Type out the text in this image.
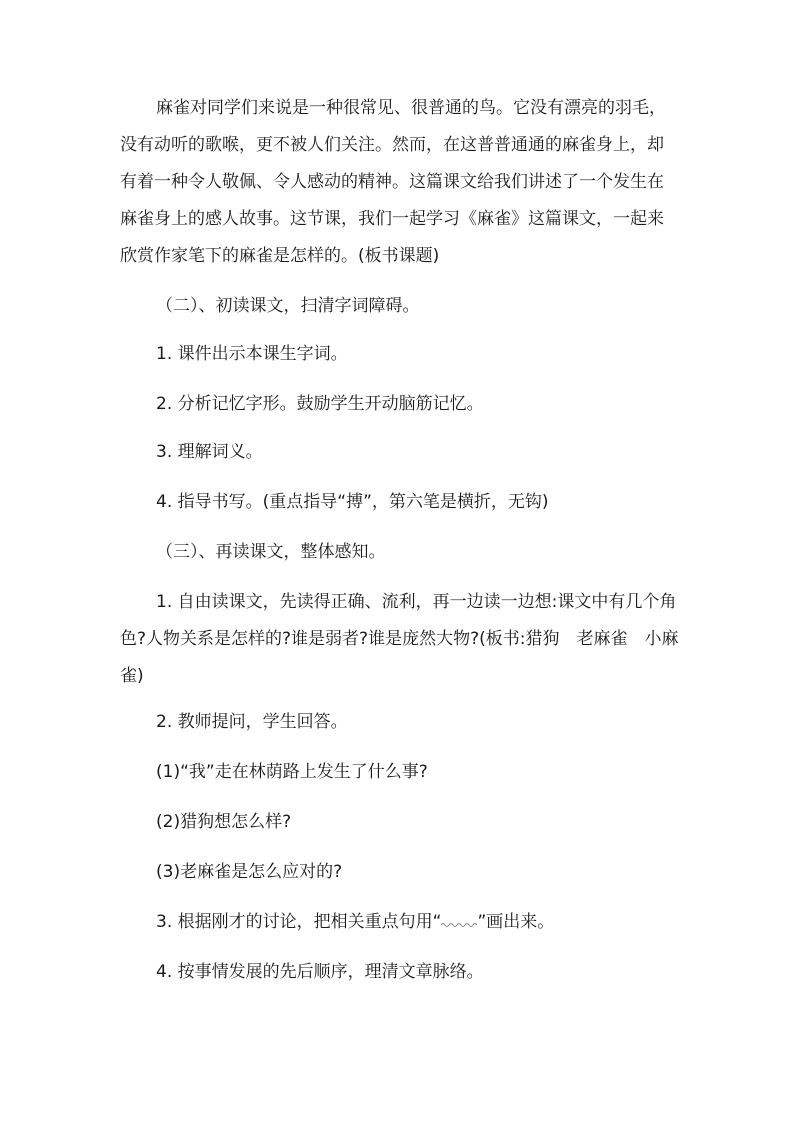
麻雀对同学们来说是一种很常见、很普通的鸟。它没有漂亮的羽毛，没有动听的歌喉，更不被人们关注。然而，在这普普通通的麻雀身上，却有着一种令人敬佩、令人感动的精神。这篇课文给我们讲述了一个发生在麻雀身上的感人故事。这节课，我们一起学习《麻雀》这篇课文，一起来欣赏作家笔下的麻雀是怎样的。(板书课题)

（二）、初读课文，扫清字词障碍。

1. 课件出示本课生字词。

2. 分析记忆字形。鼓励学生开动脑筋记忆。

3. 理解词义。

4. 指导书写。(重点指导“搏”，第六笔是横折，无钩)

（三）、再读课文，整体感知。

1. 自由读课文，先读得正确、流利，再一边读一边想:课文中有几个角色?人物关系是怎样的?谁是弱者?谁是庞然大物?(板书:猎狗　老麻雀　小麻雀)

2. 教师提问，学生回答。

(1)“我”走在林荫路上发生了什么事?

(2)猎狗想怎么样?

(3)老麻雀是怎么应对的?

3. 根据刚才的讨论，把相关重点句用“ ”画出来。

4. 按事情发展的先后顺序，理清文章脉络。
